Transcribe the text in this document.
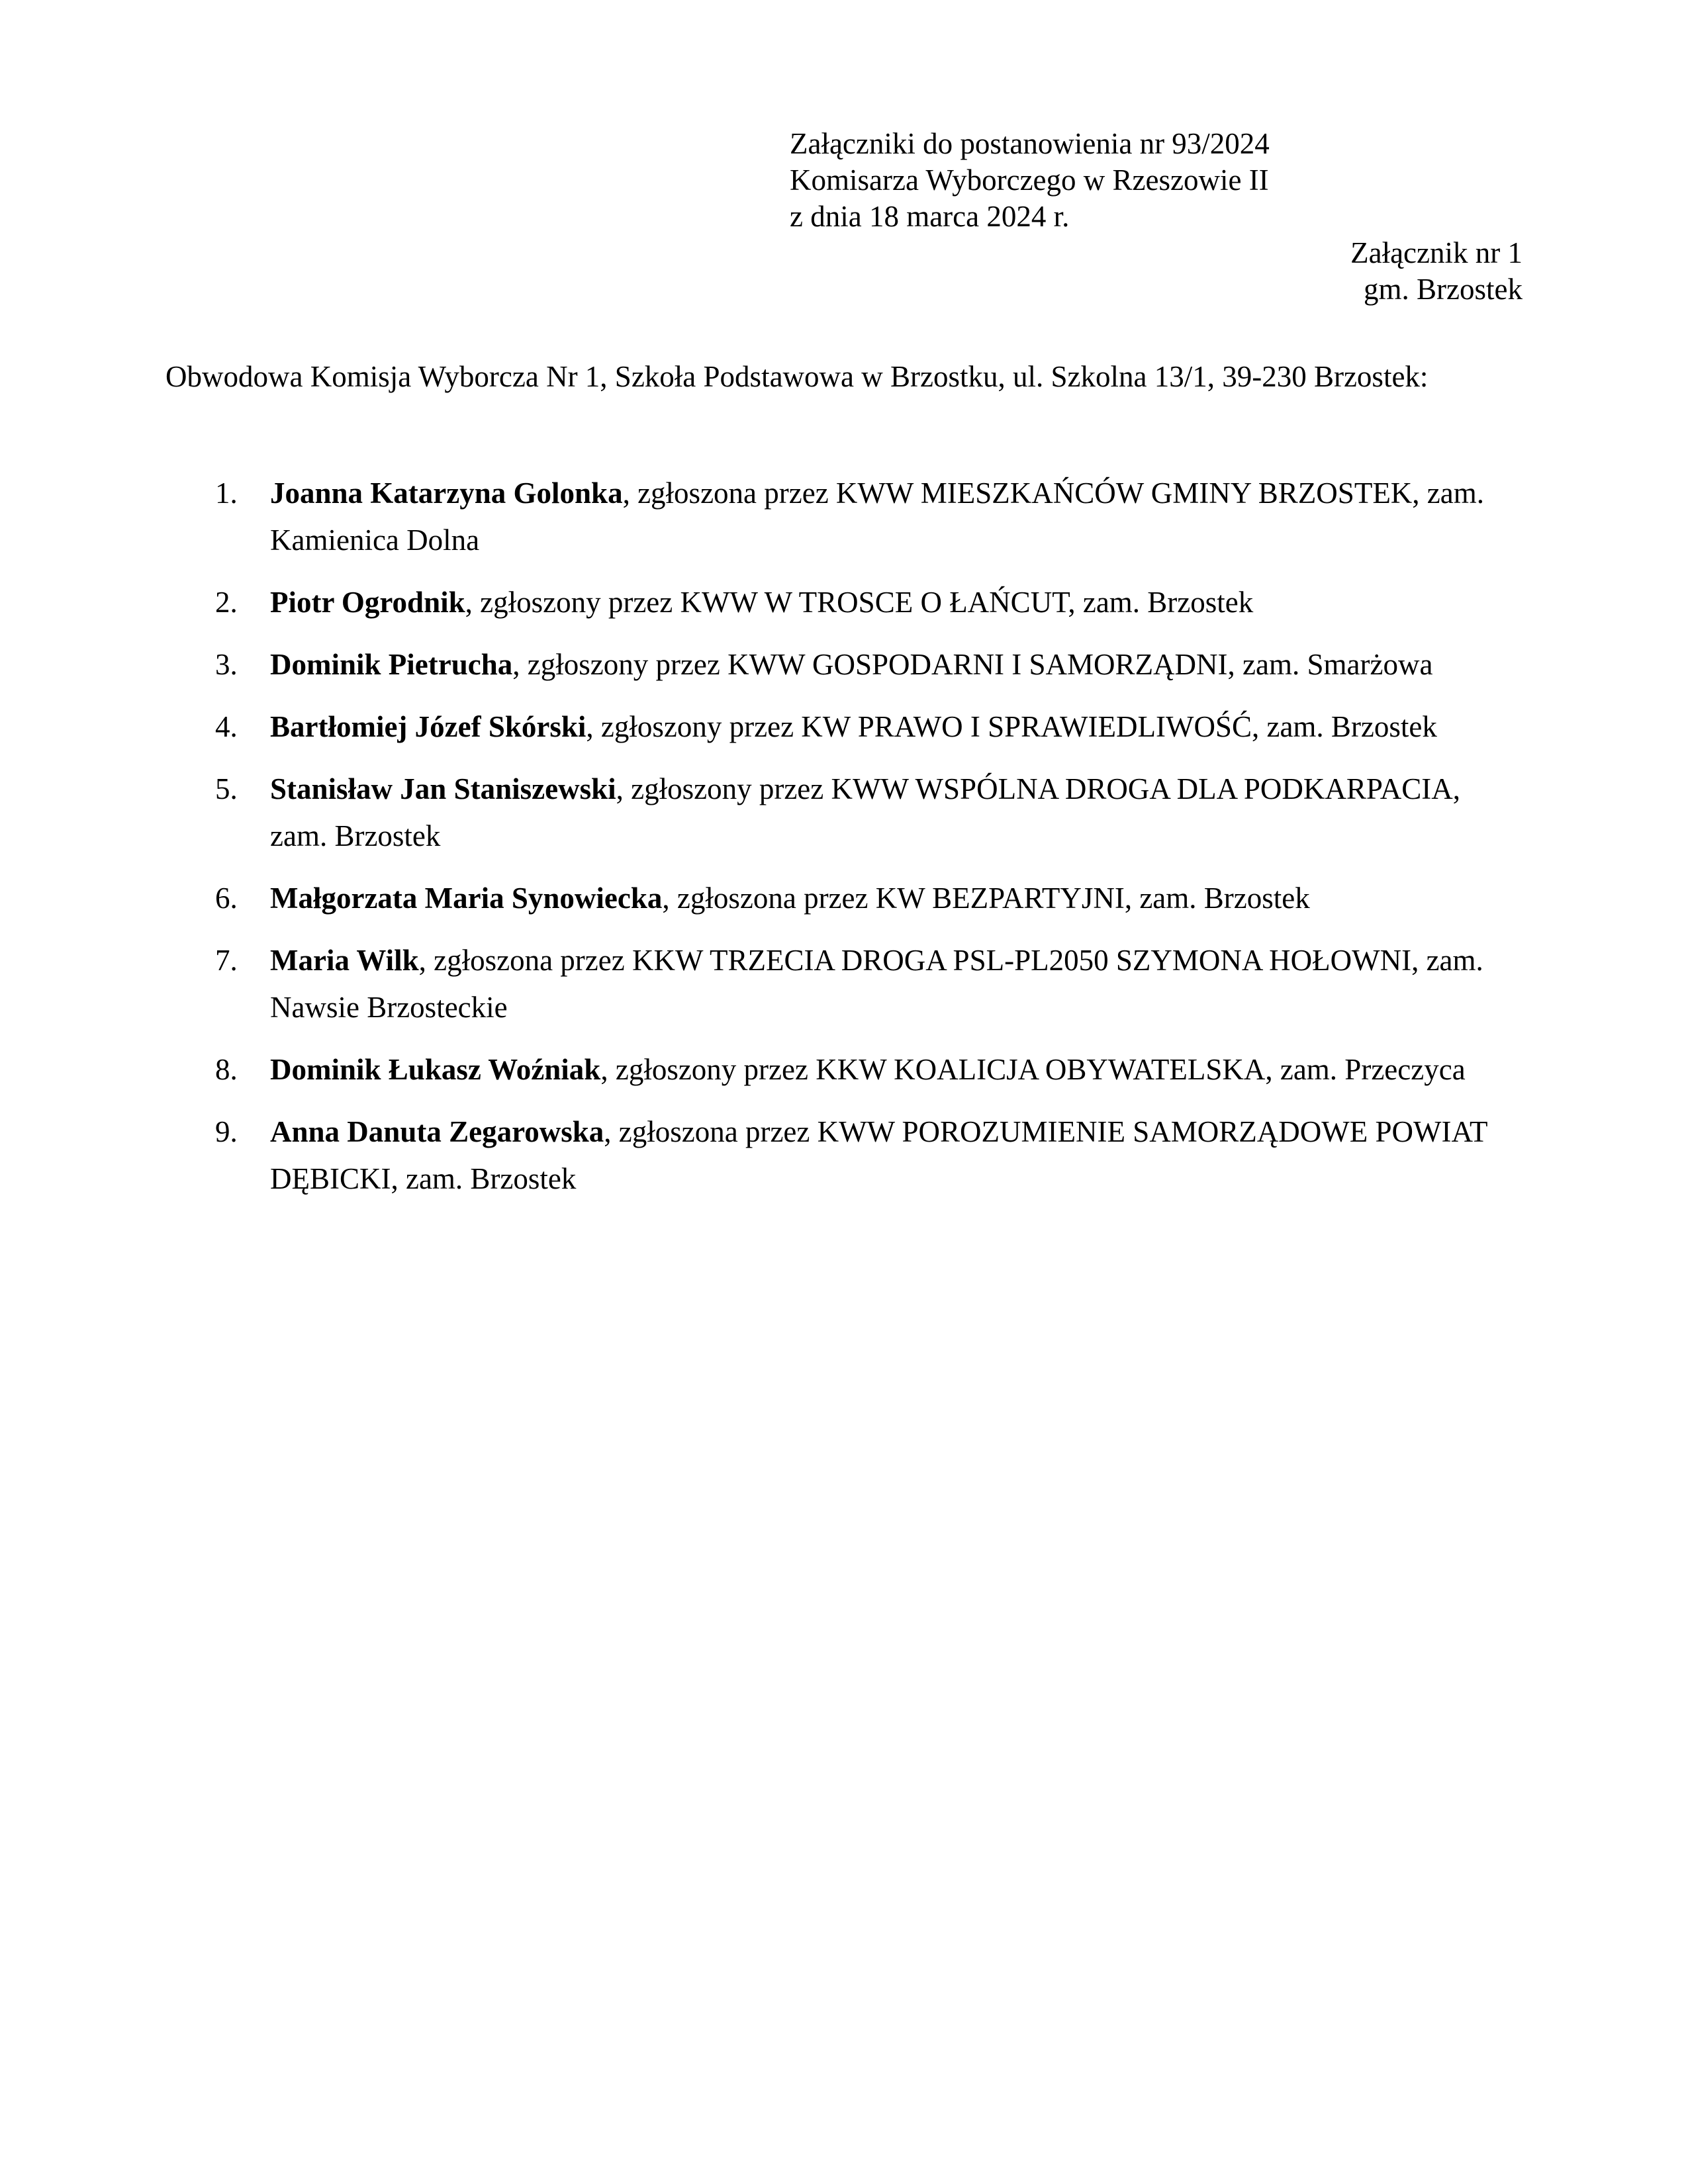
Załączniki do postanowienia nr 93/2024
Komisarza Wyborczego w Rzeszowie II
z dnia 18 marca 2024 r.
Załącznik nr 1
gm. Brzostek
Obwodowa Komisja Wyborcza Nr 1, Szkoła Podstawowa w Brzostku, ul. Szkolna 13/1, 39-230 Brzostek:
1.	Joanna Katarzyna Golonka, zgłoszona przez KWW MIESZKAŃCÓW GMINY BRZOSTEK, zam. Kamienica Dolna
2.	Piotr Ogrodnik, zgłoszony przez KWW W TROSCE O ŁAŃCUT, zam. Brzostek
3.	Dominik Pietrucha, zgłoszony przez KWW GOSPODARNI I SAMORZĄDNI, zam. Smarżowa
4.	Bartłomiej Józef Skórski, zgłoszony przez KW PRAWO I SPRAWIEDLIWOŚĆ, zam. Brzostek
5.	Stanisław Jan Staniszewski, zgłoszony przez KWW WSPÓLNA DROGA DLA PODKARPACIA, zam. Brzostek
6.	Małgorzata Maria Synowiecka, zgłoszona przez KW BEZPARTYJNI, zam. Brzostek
7.	Maria Wilk, zgłoszona przez KKW TRZECIA DROGA PSL-PL2050 SZYMONA HOŁOWNI, zam. Nawsie Brzosteckie
8.	Dominik Łukasz Woźniak, zgłoszony przez KKW KOALICJA OBYWATELSKA, zam. Przeczyca
9.	Anna Danuta Zegarowska, zgłoszona przez KWW POROZUMIENIE SAMORZĄDOWE POWIAT DĘBICKI, zam. Brzostek
